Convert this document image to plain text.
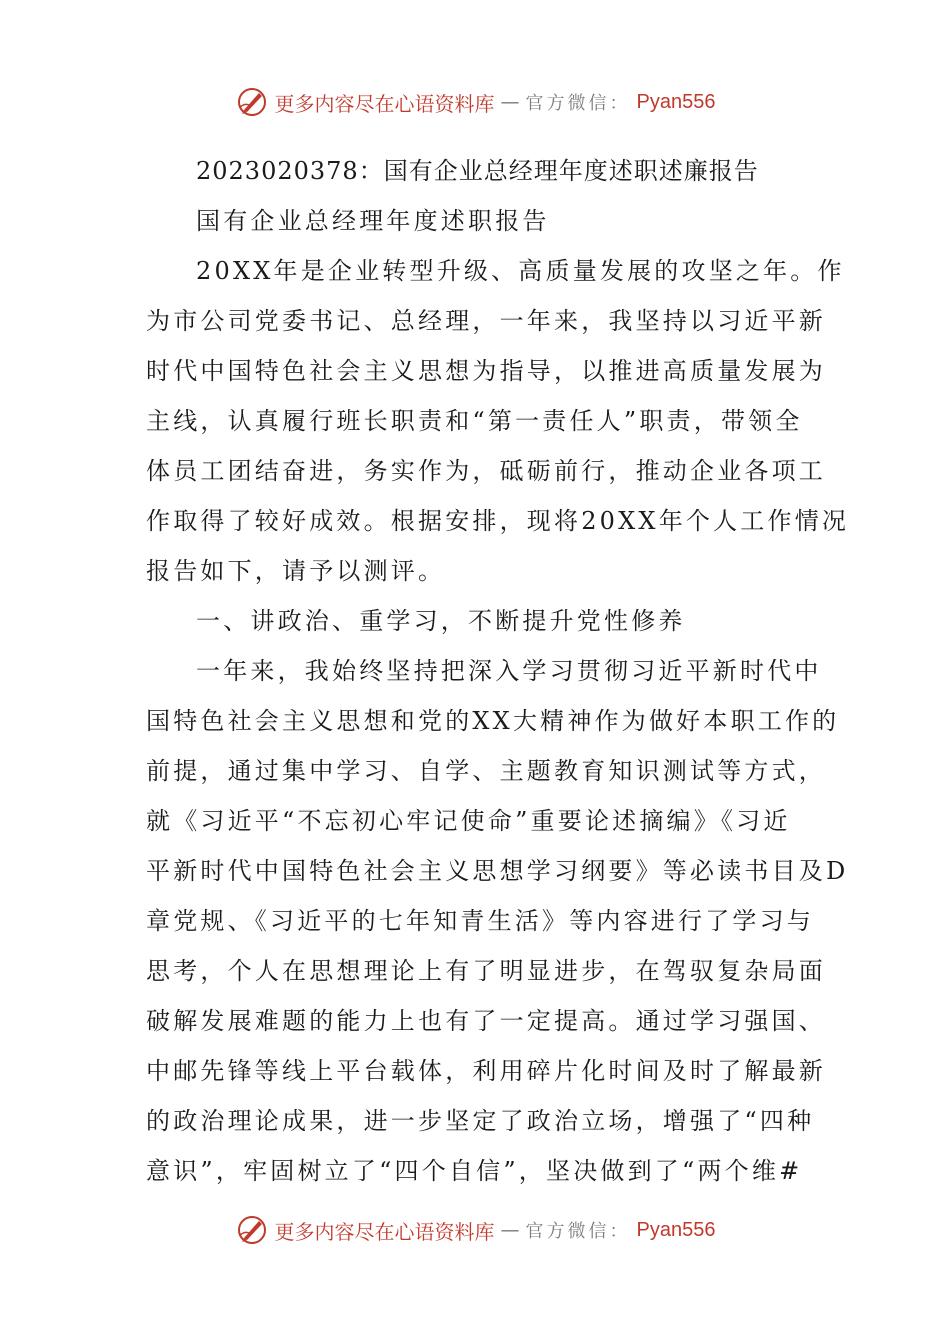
更多内容尽在心语资料库 — 官方微信： Pyan556
2023020378：国有企业总经理年度述职述廉报告
国有企业总经理年度述职报告
20XX年是企业转型升级、高质量发展的攻坚之年。作
为市公司党委书记、总经理，一年来，我坚持以习近平新
时代中国特色社会主义思想为指导，以推进高质量发展为
主线，认真履行班长职责和“第一责任人”职责，带领全
体员工团结奋进，务实作为，砥砺前行，推动企业各项工
作取得了较好成效。根据安排，现将20XX年个人工作情况
报告如下，请予以测评。
一、讲政治、重学习，不断提升党性修养
一年来，我始终坚持把深入学习贯彻习近平新时代中
国特色社会主义思想和党的XX大精神作为做好本职工作的
前提，通过集中学习、自学、主题教育知识测试等方式，
就《习近平“不忘初心牢记使命”重要论述摘编》《习近
平新时代中国特色社会主义思想学习纲要》等必读书目及D
章党规、《习近平的七年知青生活》等内容进行了学习与
思考，个人在思想理论上有了明显进步，在驾驭复杂局面
破解发展难题的能力上也有了一定提高。通过学习强国、
中邮先锋等线上平台载体，利用碎片化时间及时了解最新
的政治理论成果，进一步坚定了政治立场，增强了“四种
意识”，牢固树立了“四个自信”，坚决做到了“两个维#
更多内容尽在心语资料库 — 官方微信： Pyan556
